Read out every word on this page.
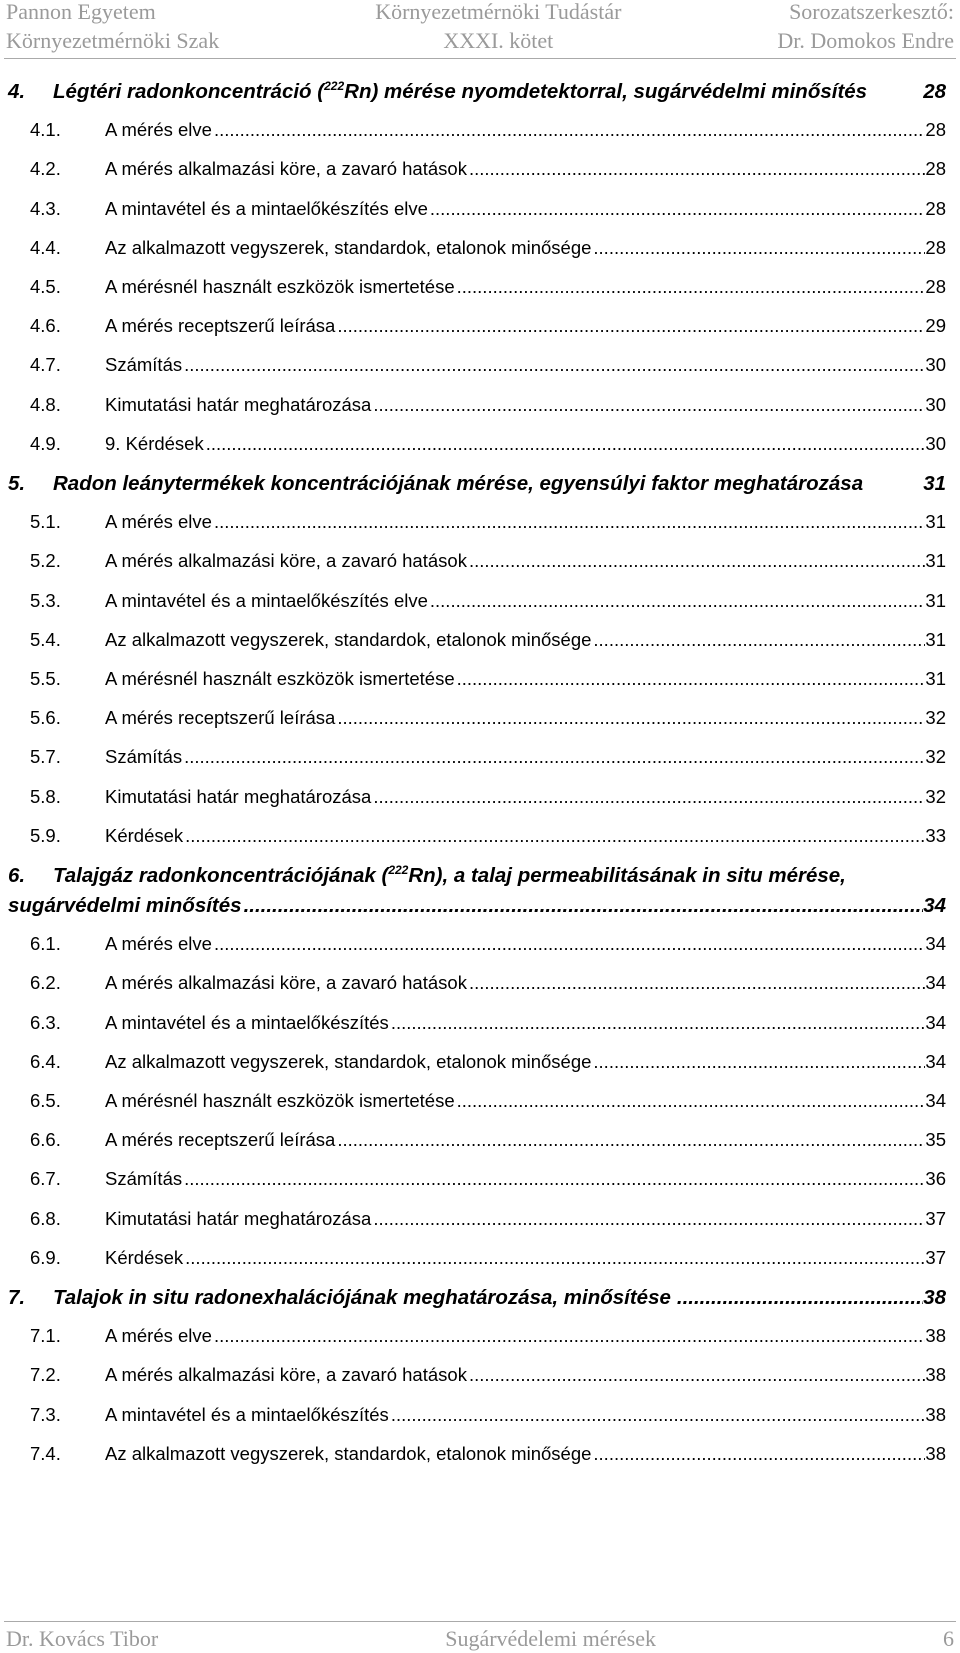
Pannon Egyetem
Környezetmérnöki Szak
Környezetmérnöki Tudástár
XXXI. kötet
Sorozatszerkesztő:
Dr. Domokos Endre
4.	Légtéri radonkoncentráció ($^{222}$Rn) mérése nyomdetektorral, sugárvédelmi minősítés	28
4.1.	A mérés elve .....	28
4.2.	A mérés alkalmazási köre, a zavaró hatások .....	28
4.3.	A mintavétel és a mintaelőkészítés elve .....	28
4.4.	Az alkalmazott vegyszerek, standardok, etalonok minősége .....	28
4.5.	A mérésnél használt eszközök ismertetése .....	28
4.6.	A mérés receptszerű leírása .....	29
4.7.	Számítás .....	30
4.8.	Kimutatási határ meghatározása .....	30
4.9.	9. Kérdések .....	30
5.	Radon leánytermékek koncentrációjának mérése, egyensúlyi faktor meghatározása	31
5.1.	A mérés elve .....	31
5.2.	A mérés alkalmazási köre, a zavaró hatások .....	31
5.3.	A mintavétel és a mintaelőkészítés elve .....	31
5.4.	Az alkalmazott vegyszerek, standardok, etalonok minősége .....	31
5.5.	A mérésnél használt eszközök ismertetése .....	31
5.6.	A mérés receptszerű leírása .....	32
5.7.	Számítás .....	32
5.8.	Kimutatási határ meghatározása .....	32
5.9.	Kérdések .....	33
6. Talajgáz radonkoncentrációjának ($^{222}$Rn), a talaj permeabilitásának in situ mérése,
sugárvédelmi minősítés .....	34
6.1.	A mérés elve .....	34
6.2.	A mérés alkalmazási köre, a zavaró hatások .....	34
6.3.	A mintavétel és a mintaelőkészítés .....	34
6.4.	Az alkalmazott vegyszerek, standardok, etalonok minősége .....	34
6.5.	A mérésnél használt eszközök ismertetése .....	34
6.6.	A mérés receptszerű leírása .....	35
6.7.	Számítás .....	36
6.8.	Kimutatási határ meghatározása .....	37
6.9.	Kérdések .....	37
7.	Talajok in situ radonexhalációjának meghatározása, minősítése .....	38
7.1.	A mérés elve .....	38
7.2.	A mérés alkalmazási köre, a zavaró hatások .....	38
7.3.	A mintavétel és a mintaelőkészítés .....	38
7.4.	Az alkalmazott vegyszerek, standardok, etalonok minősége .....	38
Dr. Kovács Tibor	Sugárvédelemi mérések	6
